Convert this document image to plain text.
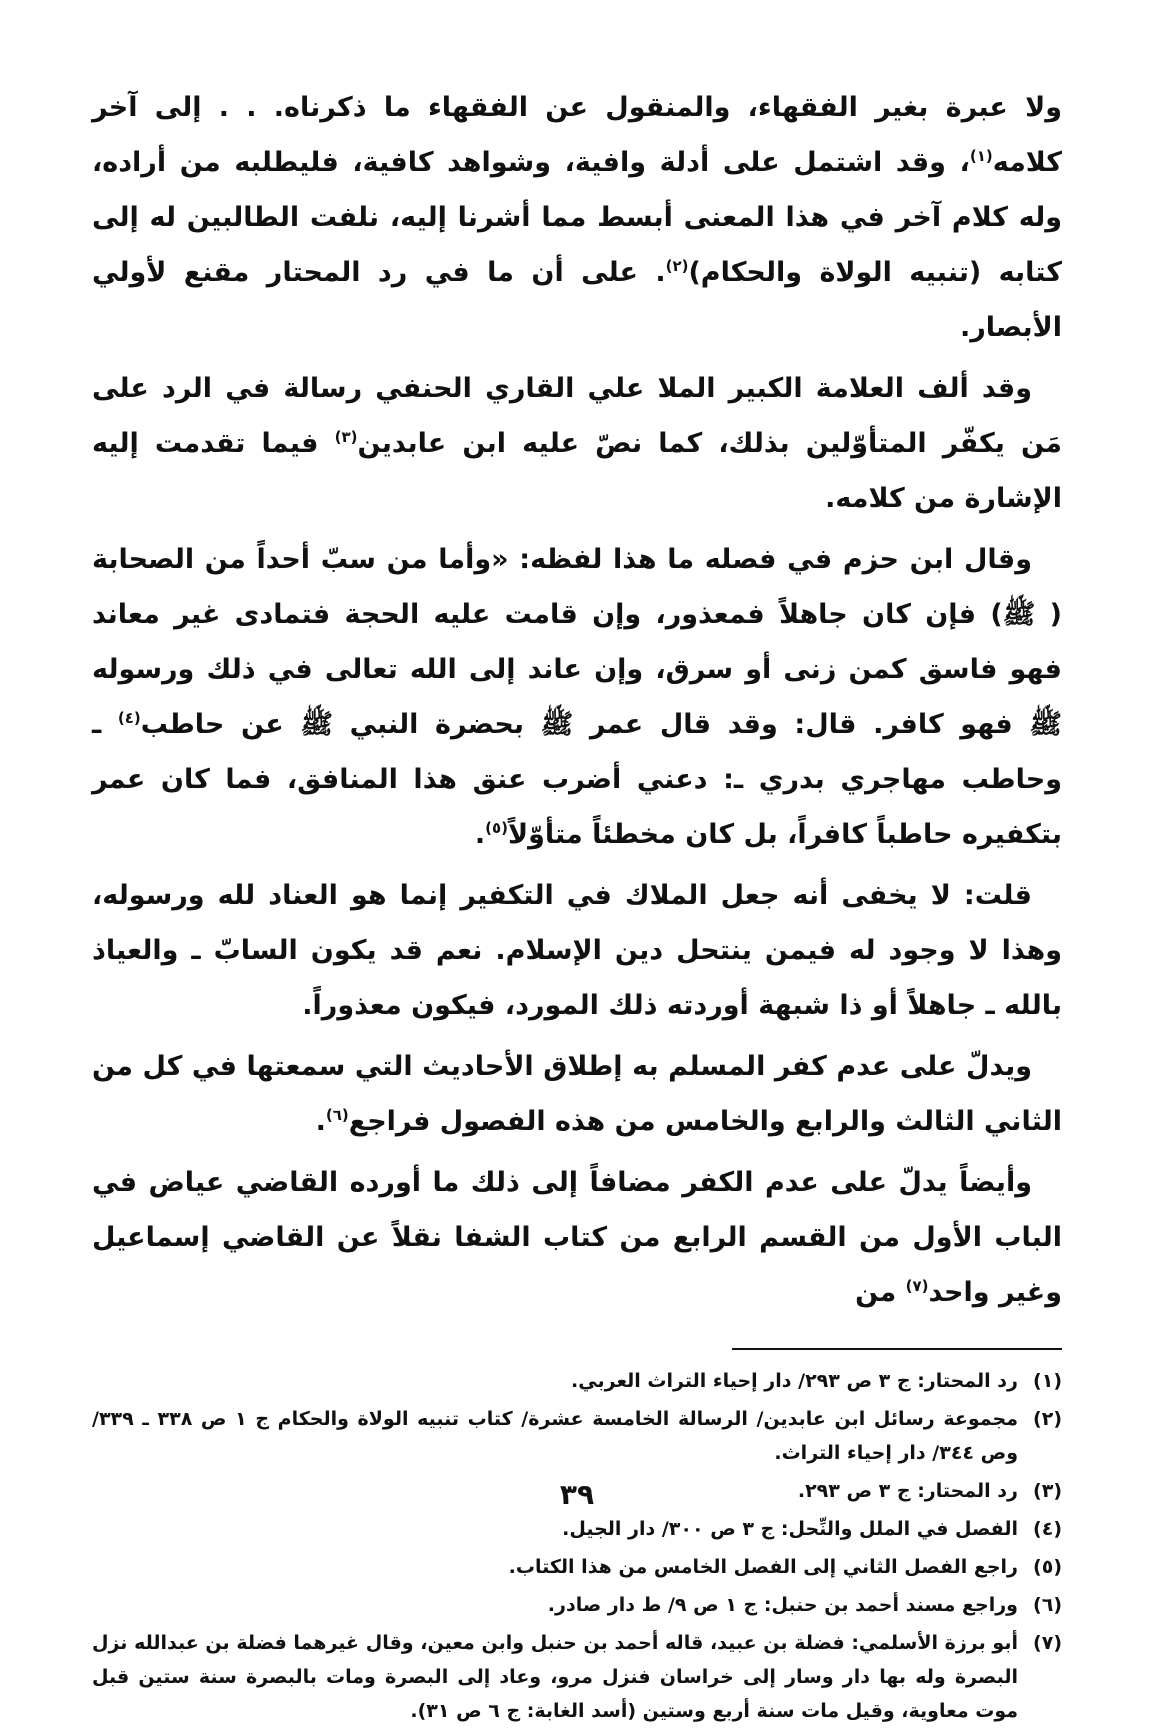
ولا عبرة بغير الفقهاء، والمنقول عن الفقهاء ما ذكرناه. . . إلى آخر كلامه$^{(١)}$، وقد اشتمل على أدلة وافية، وشواهد كافية، فليطلبه من أراده، وله كلام آخر في هذا المعنى أبسط مما أشرنا إليه، نلفت الطالبين له إلى كتابه (تنبيه الولاة والحكام)$^{(٢)}$. على أن ما في رد المحتار مقنع لأولي الأبصار.

وقد ألف العلامة الكبير الملا علي القاري الحنفي رسالة في الرد على مَن يكفّر المتأوّلين بذلك، كما نصّ عليه ابن عابدين$^{(٣)}$ فيما تقدمت إليه الإشارة من كلامه.

وقال ابن حزم في فصله ما هذا لفظه: «وأما من سبّ أحداً من الصحابة ( ﷺ) فإن كان جاهلاً فمعذور، وإن قامت عليه الحجة فتمادى غير معاند فهو فاسق كمن زنى أو سرق، وإن عاند إلى الله تعالى في ذلك ورسوله ﷺ فهو كافر. قال: وقد قال عمر ﷺ بحضرة النبي ﷺ عن حاطب$^{(٤)}$ ـ وحاطب مهاجري بدري ـ: دعني أضرب عنق هذا المنافق، فما كان عمر بتكفيره حاطباً كافراً، بل كان مخطئاً متأوّلاً$^{(٥)}$.

قلت: لا يخفى أنه جعل الملاك في التكفير إنما هو العناد لله ورسوله، وهذا لا وجود له فيمن ينتحل دين الإسلام. نعم قد يكون السابّ ـ والعياذ بالله ـ جاهلاً أو ذا شبهة أوردته ذلك المورد، فيكون معذوراً.

ويدلّ على عدم كفر المسلم به إطلاق الأحاديث التي سمعتها في كل من الثاني الثالث والرابع والخامس من هذه الفصول فراجع$^{(٦)}$.

وأيضاً يدلّ على عدم الكفر مضافاً إلى ذلك ما أورده القاضي عياض في الباب الأول من القسم الرابع من كتاب الشفا نقلاً عن القاضي إسماعيل وغير واحد$^{(٧)}$ من

(١)
رد المحتار: ج ٣ ص ٢٩٣/ دار إحياء التراث العربي.
(٢)
مجموعة رسائل ابن عابدين/ الرسالة الخامسة عشرة/ كتاب تنبيه الولاة والحكام ج ١ ص ٣٣٨ ـ ٣٣٩/ وص ٣٤٤/ دار إحياء التراث.
(٣)
رد المحتار: ج ٣ ص ٢٩٣.
(٤)
الفصل في الملل والنِّحل: ج ٣ ص ٣٠٠/ دار الجيل.
(٥)
راجع الفصل الثاني إلى الفصل الخامس من هذا الكتاب.
(٦)
وراجع مسند أحمد بن حنبل: ج ١ ص ٩/ ط دار صادر.
(٧)
أبو برزة الأسلمي: فضلة بن عبيد، قاله أحمد بن حنبل وابن معين، وقال غيرهما فضلة بن عبدالله نزل البصرة وله بها دار وسار إلى خراسان فنزل مرو، وعاد إلى البصرة ومات بالبصرة سنة ستين قبل موت معاوية، وقيل مات سنة أربع وستين (أسد الغابة: ج ٦ ص ٣١).
٣٩
